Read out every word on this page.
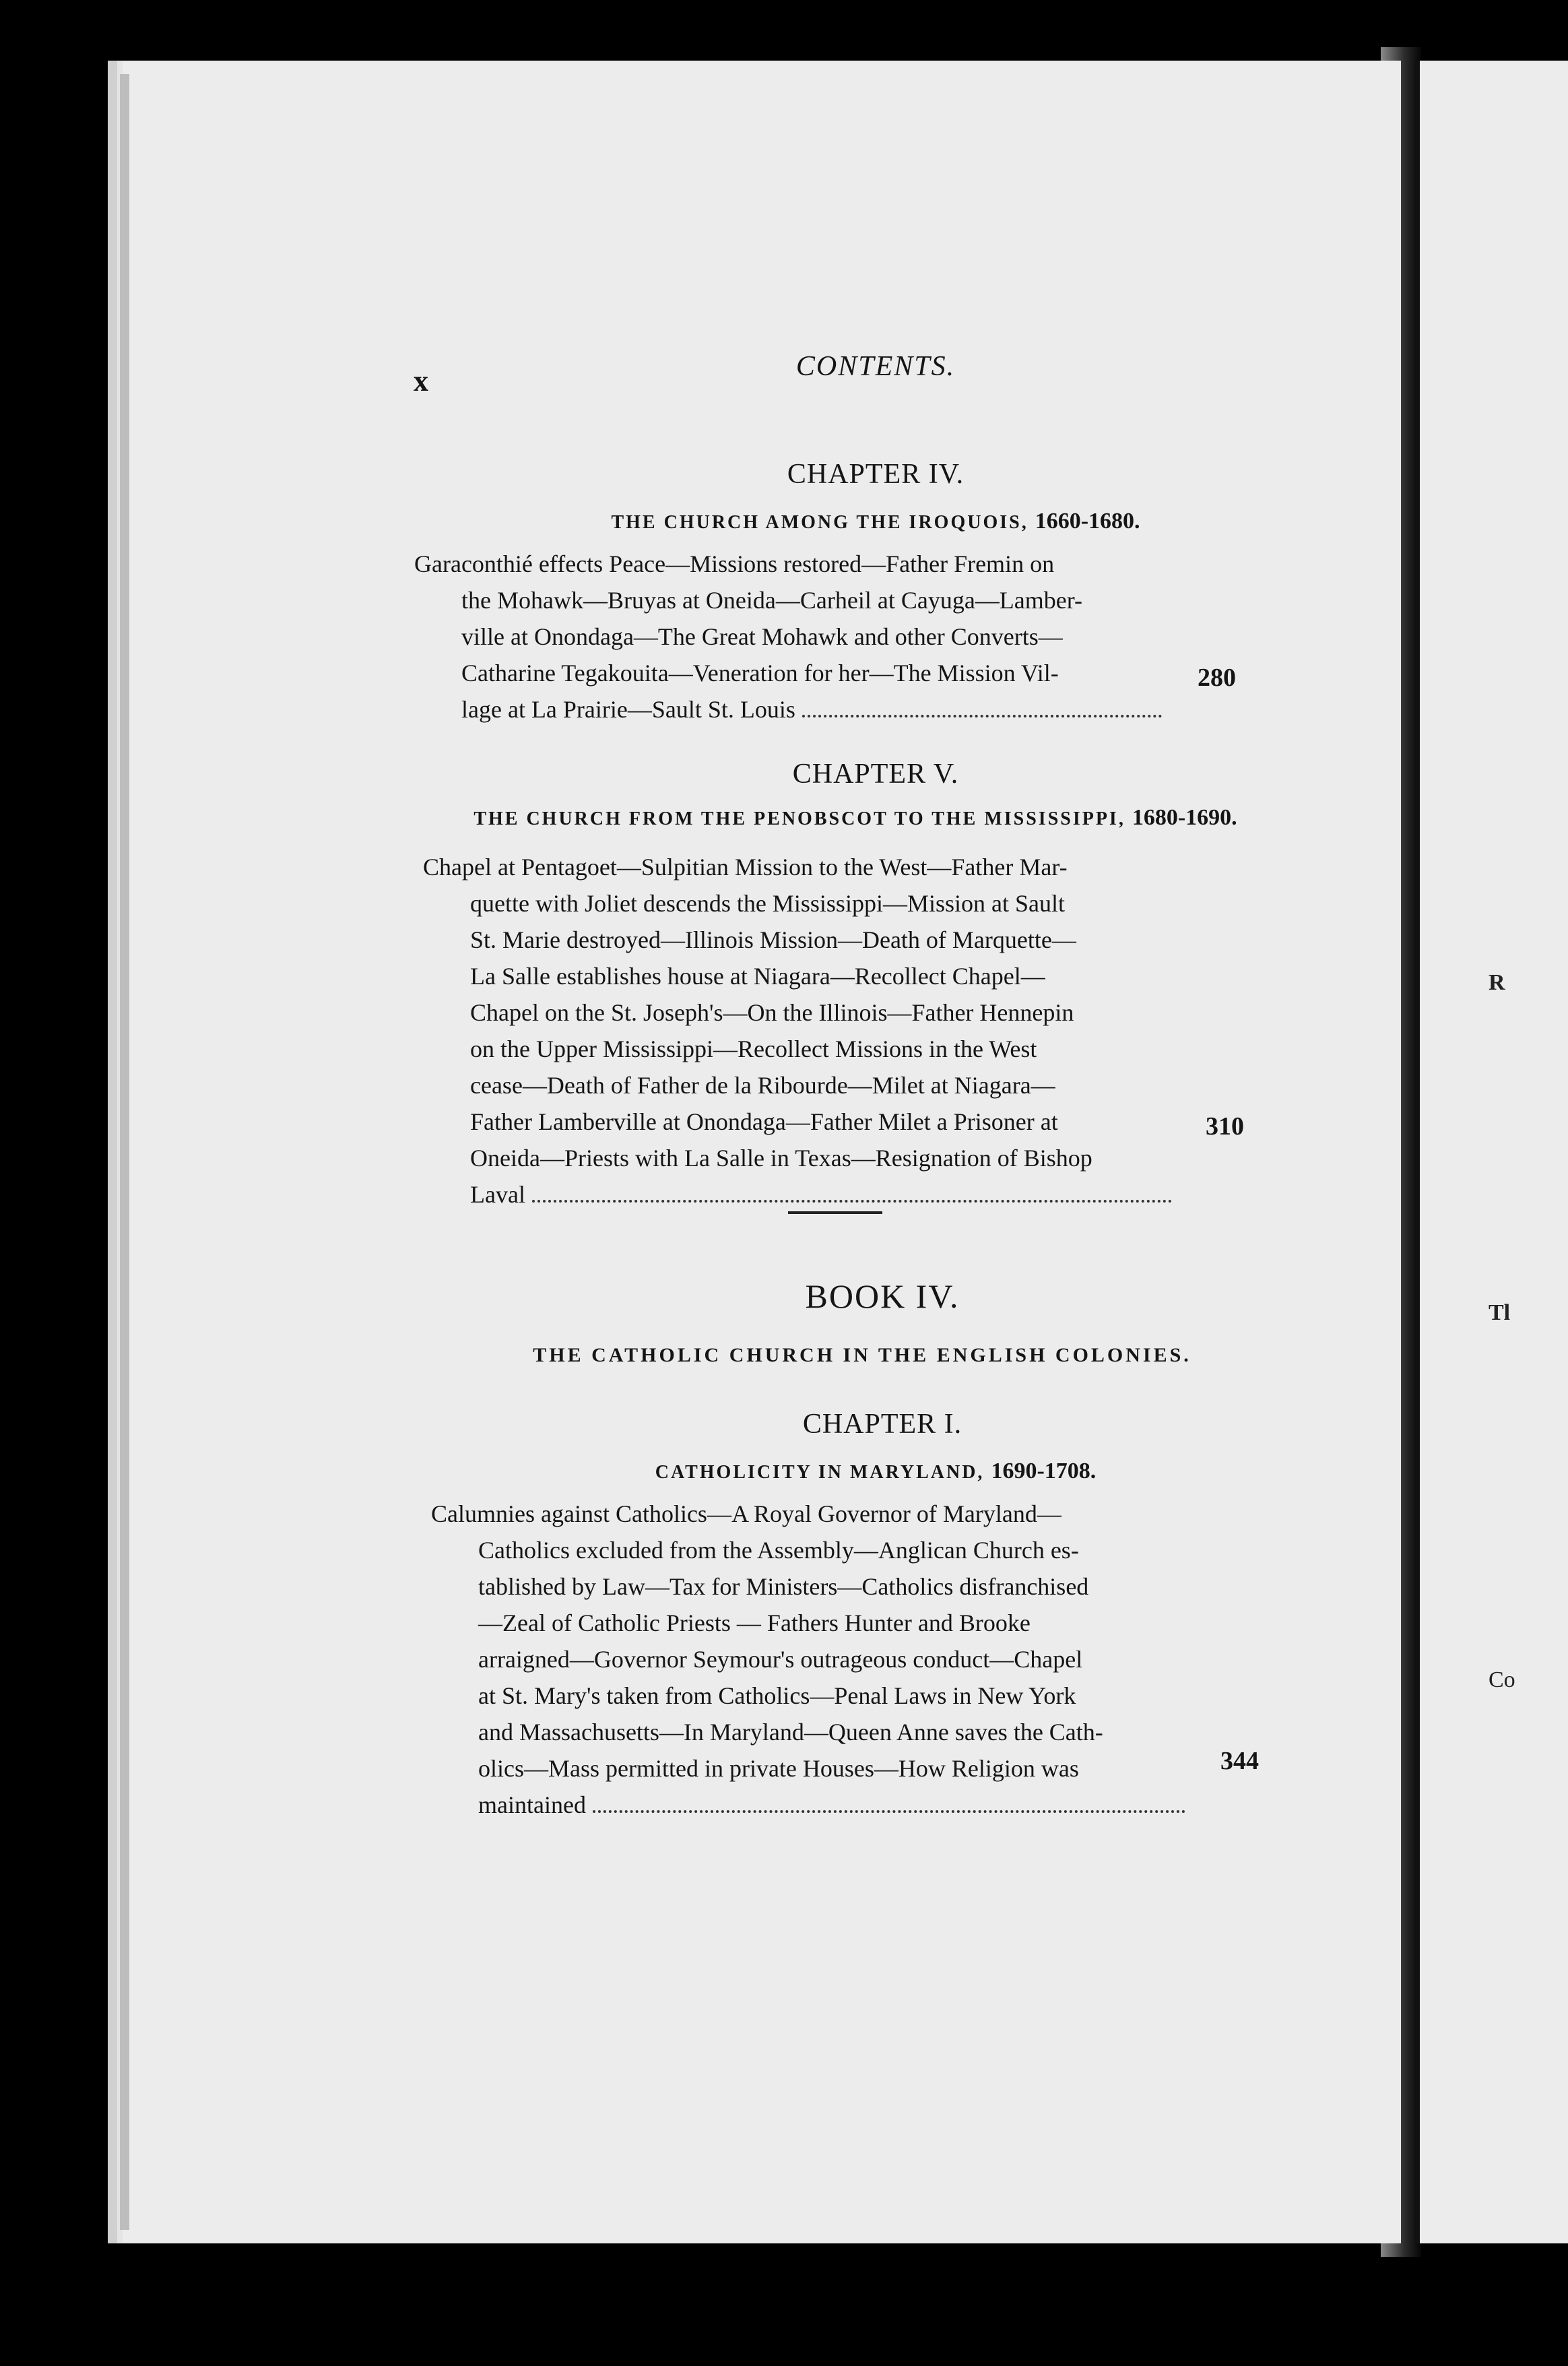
R
Tl
Co
x	CONTENTS.
CHAPTER IV.
THE CHURCH AMONG THE IROQUOIS, 1660-1680.
Garaconthié effects Peace—Missions restored—Father Fremin on
the Mohawk—Bruyas at Oneida—Carheil at Cayuga—Lamber-
ville at Onondaga—The Great Mohawk and other Converts—
Catharine Tegakouita—Veneration for her—The Mission Vil-
lage at La Prairie—Sault St. Louis
280
CHAPTER V.
THE CHURCH FROM THE PENOBSCOT TO THE MISSISSIPPI, 1680-1690.
Chapel at Pentagoet—Sulpitian Mission to the West—Father Mar-
quette with Joliet descends the Mississippi—Mission at Sault
St. Marie destroyed—Illinois Mission—Death of Marquette—
La Salle establishes house at Niagara—Recollect Chapel—
Chapel on the St. Joseph's—On the Illinois—Father Hennepin
on the Upper Mississippi—Recollect Missions in the West
cease—Death of Father de la Ribourde—Milet at Niagara—
Father Lamberville at Onondaga—Father Milet a Prisoner at
Oneida—Priests with La Salle in Texas—Resignation of Bishop
Laval
310
BOOK IV.
THE CATHOLIC CHURCH IN THE ENGLISH COLONIES.
CHAPTER I.
CATHOLICITY IN MARYLAND, 1690-1708.
Calumnies against Catholics—A Royal Governor of Maryland—
Catholics excluded from the Assembly—Anglican Church es-
tablished by Law—Tax for Ministers—Catholics disfranchised
—Zeal of Catholic Priests — Fathers Hunter and Brooke
arraigned—Governor Seymour's outrageous conduct—Chapel
at St. Mary's taken from Catholics—Penal Laws in New York
and Massachusetts—In Maryland—Queen Anne saves the Cath-
olics—Mass permitted in private Houses—How Religion was
maintained
344
